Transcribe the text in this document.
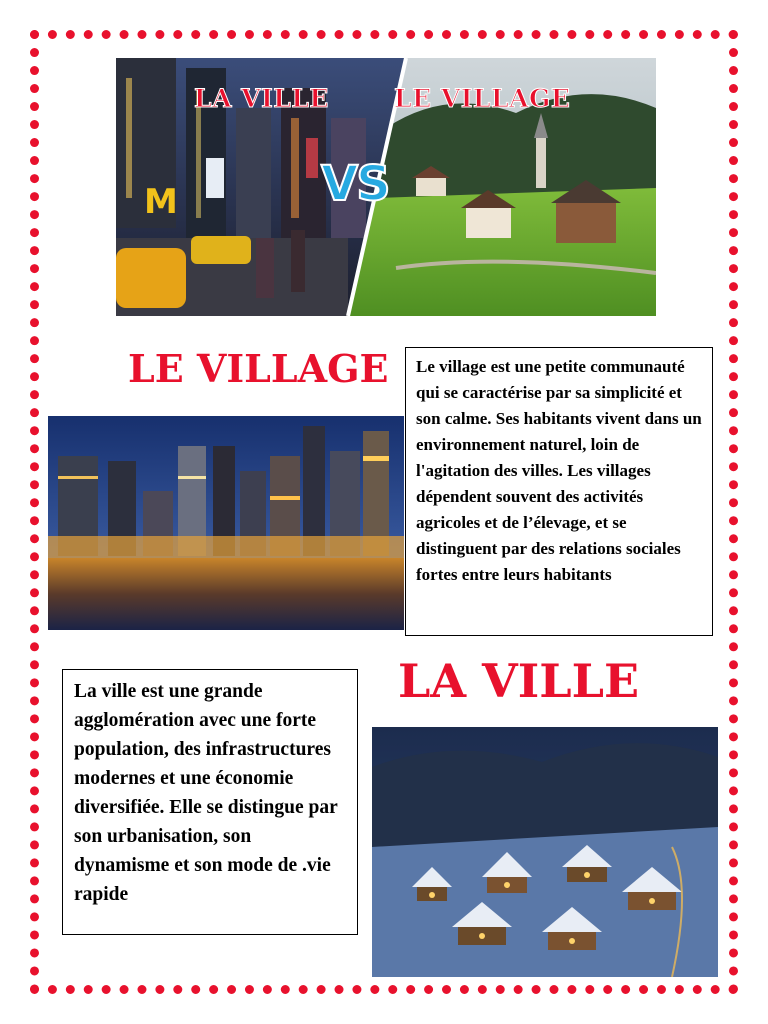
M
LA VILLE	LE VILLAGE
VS
LE VILLAGE	Le village est une petite communauté qui se caractérise par sa simplicité et son calme. Ses habitants vivent dans un environnement naturel, loin de l'agitation des villes. Les villages dépendent souvent des activités agricoles et de l’élevage, et se distinguent par des relations sociales fortes entre leurs habitants
LA VILLE
La ville est une grande agglomération avec une forte population, des infrastructures modernes et une économie diversifiée. Elle se distingue par son urbanisation, son dynamisme et son mode de .vie rapide
